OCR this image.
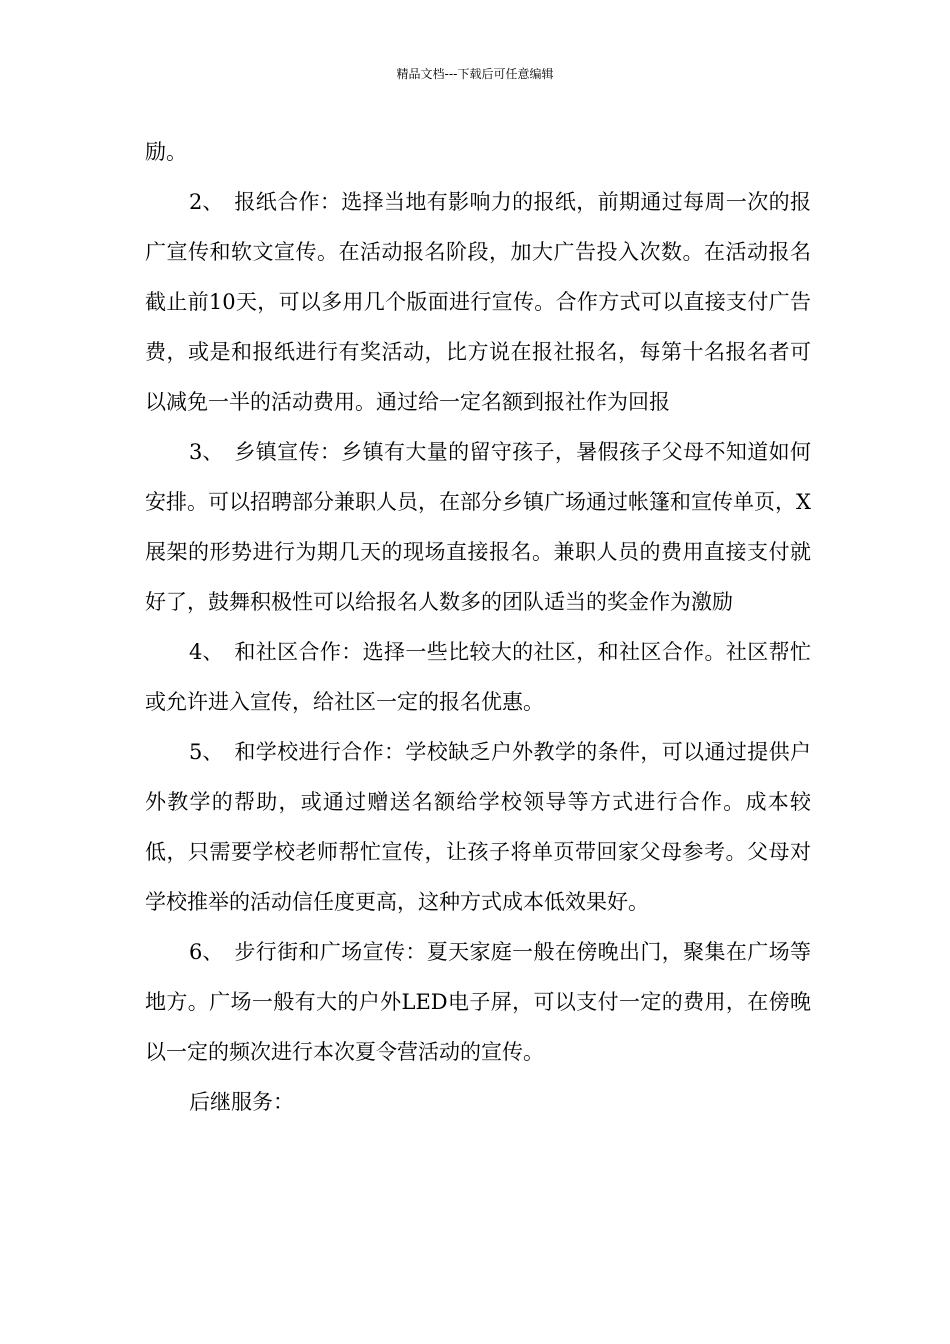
精品文档---下载后可任意编辑

励。

2、 报纸合作：选择当地有影响力的报纸，前期通过每周一次的报广宣传和软文宣传。在活动报名阶段，加大广告投入次数。在活动报名截止前10天，可以多用几个版面进行宣传。合作方式可以直接支付广告费，或是和报纸进行有奖活动，比方说在报社报名，每第十名报名者可以减免一半的活动费用。通过给一定名额到报社作为回报

3、 乡镇宣传：乡镇有大量的留守孩子，暑假孩子父母不知道如何安排。可以招聘部分兼职人员，在部分乡镇广场通过帐篷和宣传单页，X展架的形势进行为期几天的现场直接报名。兼职人员的费用直接支付就好了，鼓舞积极性可以给报名人数多的团队适当的奖金作为激励

4、 和社区合作：选择一些比较大的社区，和社区合作。社区帮忙或允许进入宣传，给社区一定的报名优惠。

5、 和学校进行合作：学校缺乏户外教学的条件，可以通过提供户外教学的帮助，或通过赠送名额给学校领导等方式进行合作。成本较低，只需要学校老师帮忙宣传，让孩子将单页带回家父母参考。父母对学校推举的活动信任度更高，这种方式成本低效果好。

6、 步行街和广场宣传：夏天家庭一般在傍晚出门，聚集在广场等地方。广场一般有大的户外LED电子屏，可以支付一定的费用，在傍晚以一定的频次进行本次夏令营活动的宣传。

后继服务：
